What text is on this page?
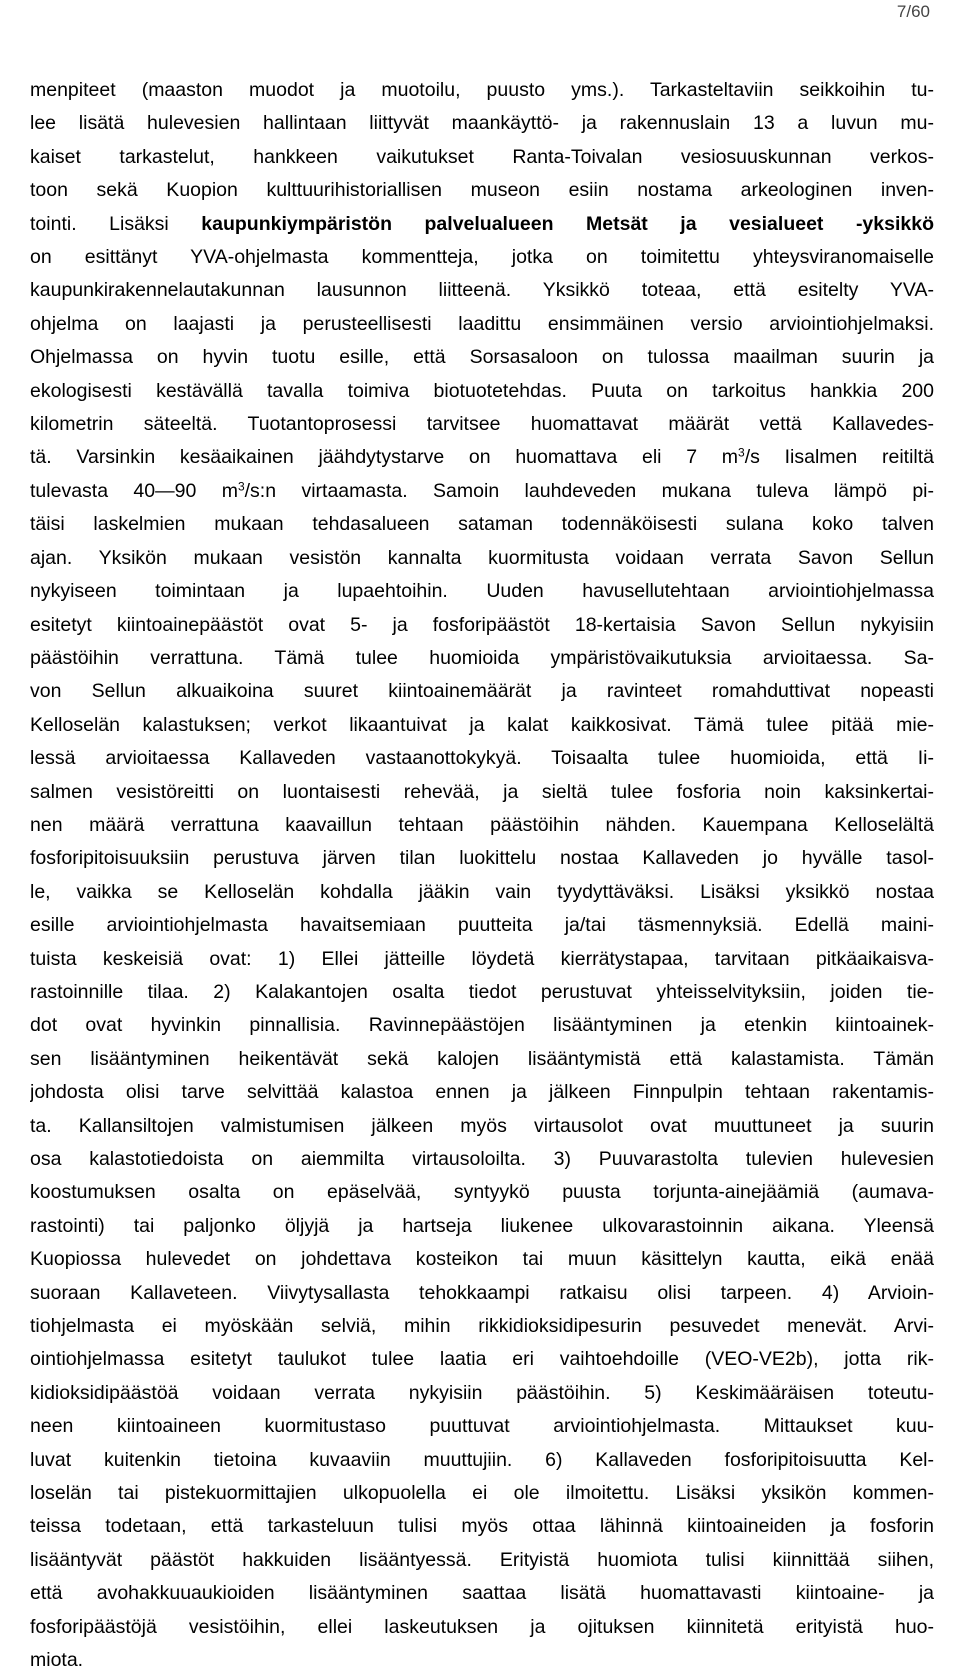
7/60

menpiteet (maaston muodot ja muotoilu, puusto yms.). Tarkasteltaviin seikkoihin tu-
lee lisätä hulevesien hallintaan liittyvät maankäyttö- ja rakennuslain 13 a luvun mu-
kaiset tarkastelut, hankkeen vaikutukset Ranta-Toivalan vesiosuuskunnan verkos-
toon sekä Kuopion kulttuurihistoriallisen museon esiin nostama arkeologinen inven-
tointi. Lisäksi kaupunkiympäristön palvelualueen Metsät ja vesialueet -yksikkö
on esittänyt YVA-ohjelmasta kommentteja, jotka on toimitettu yhteysviranomaiselle
kaupunkirakennelautakunnan lausunnon liitteenä. Yksikkö toteaa, että esitelty YVA-
ohjelma on laajasti ja perusteellisesti laadittu ensimmäinen versio arviointiohjelmaksi.
Ohjelmassa on hyvin tuotu esille, että Sorsasaloon on tulossa maailman suurin ja
ekologisesti kestävällä tavalla toimiva biotuotetehdas. Puuta on tarkoitus hankkia 200
kilometrin säteeltä. Tuotantoprosessi tarvitsee huomattavat määrät vettä Kallavedes-
tä. Varsinkin kesäaikainen jäähdytystarve on huomattava eli 7 $m^3/s$ Iisalmen reitiltä
tulevasta 40—90 $m^3/s:n$ virtaamasta. Samoin lauhdeveden mukana tuleva lämpö pi-
täisi laskelmien mukaan tehdasalueen sataman todennäköisesti sulana koko talven
ajan. Yksikön mukaan vesistön kannalta kuormitusta voidaan verrata Savon Sellun
nykyiseen toimintaan ja lupaehtoihin. Uuden havusellutehtaan arviointiohjelmassa
esitetyt kiintoainepäästöt ovat 5- ja fosforipäästöt 18-kertaisia Savon Sellun nykyisiin
päästöihin verrattuna. Tämä tulee huomioida ympäristövaikutuksia arvioitaessa. Sa-
von Sellun alkuaikoina suuret kiintoainemäärät ja ravinteet romahduttivat nopeasti
Kelloselän kalastuksen; verkot likaantuivat ja kalat kaikkosivat. Tämä tulee pitää mie-
lessä arvioitaessa Kallaveden vastaanottokykyä. Toisaalta tulee huomioida, että Ii-
salmen vesistöreitti on luontaisesti rehevää, ja sieltä tulee fosforia noin kaksinkertai-
nen määrä verrattuna kaavaillun tehtaan päästöihin nähden. Kauempana Kelloselältä
fosforipitoisuuksiin perustuva järven tilan luokittelu nostaa Kallaveden jo hyvälle tasol-
le, vaikka se Kelloselän kohdalla jääkin vain tyydyttäväksi. Lisäksi yksikkö nostaa
esille arviointiohjelmasta havaitsemiaan puutteita ja/tai täsmennyksiä. Edellä maini-
tuista keskeisiä ovat: 1) Ellei jätteille löydetä kierrätystapaa, tarvitaan pitkäaikaisva-
rastoinnille tilaa. 2) Kalakantojen osalta tiedot perustuvat yhteisselvityksiin, joiden tie-
dot ovat hyvinkin pinnallisia. Ravinnepäästöjen lisääntyminen ja etenkin kiintoainek-
sen lisääntyminen heikentävät sekä kalojen lisääntymistä että kalastamista. Tämän
johdosta olisi tarve selvittää kalastoa ennen ja jälkeen Finnpulpin tehtaan rakentamis-
ta. Kallansiltojen valmistumisen jälkeen myös virtausolot ovat muuttuneet ja suurin
osa kalastotiedoista on aiemmilta virtausoloilta. 3) Puuvarastolta tulevien hulevesien
koostumuksen osalta on epäselvää, syntyykö puusta torjunta-ainejäämiä (aumava-
rastointi) tai paljonko öljyjä ja hartseja liukenee ulkovarastoinnin aikana. Yleensä
Kuopiossa hulevedet on johdettava kosteikon tai muun käsittelyn kautta, eikä enää
suoraan Kallaveteen. Viivytysallasta tehokkaampi ratkaisu olisi tarpeen. 4) Arvioin-
tiohjelmasta ei myöskään selviä, mihin rikkidioksidipesurin pesuvedet menevät. Arvi-
ointiohjelmassa esitetyt taulukot tulee laatia eri vaihtoehdoille (VEO-VE2b), jotta rik-
kidioksidipäästöä voidaan verrata nykyisiin päästöihin. 5) Keskimääräisen toteutu-
neen kiintoaineen kuormitustaso puuttuvat arviointiohjelmasta. Mittaukset kuu-
luvat kuitenkin tietoina kuvaaviin muuttujiin. 6) Kallaveden fosforipitoisuutta Kel-
loselän tai pistekuormittajien ulkopuolella ei ole ilmoitettu. Lisäksi yksikön kommen-
teissa todetaan, että tarkasteluun tulisi myös ottaa lähinnä kiintoaineiden ja fosforin
lisääntyvät päästöt hakkuiden lisääntyessä. Erityistä huomiota tulisi kiinnittää siihen,
että avohakkuuaukioiden lisääntyminen saattaa lisätä huomattavasti kiintoaine- ja
fosforipäästöjä vesistöihin, ellei laskeutuksen ja ojituksen kiinnitetä erityistä huo-
miota.
